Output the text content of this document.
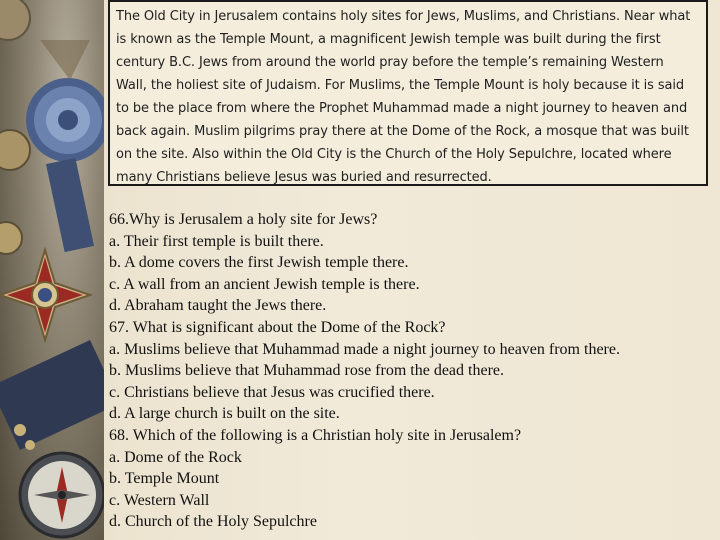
The Old City in Jerusalem contains holy sites for Jews, Muslims, and Christians. Near what is known as the Temple Mount, a magnificent Jewish temple was built during the first century B.C. Jews from around the world pray before the temple’s remaining Western Wall, the holiest site of Judaism. For Muslims, the Temple Mount is holy because it is said to be the place from where the Prophet Muhammad made a night journey to heaven and back again. Muslim pilgrims pray there at the Dome of the Rock, a mosque that was built on the site. Also within the Old City is the Church of the Holy Sepulchre, located where many Christians believe Jesus was buried and resurrected.
66.Why is Jerusalem a holy site for Jews?
a. Their first temple is built there.
b. A dome covers the first Jewish temple there.
c. A wall from an ancient Jewish temple is there.
d. Abraham taught the Jews there.
67. What is significant about the Dome of the Rock?
a. Muslims believe that Muhammad made a night journey to heaven from there.
b. Muslims believe that Muhammad rose from the dead there.
c. Christians believe that Jesus was crucified there.
d. A large church is built on the site.
68. Which of the following is a Christian holy site in Jerusalem?
a. Dome of the Rock
b. Temple Mount
c. Western Wall
d. Church of the Holy Sepulchre
